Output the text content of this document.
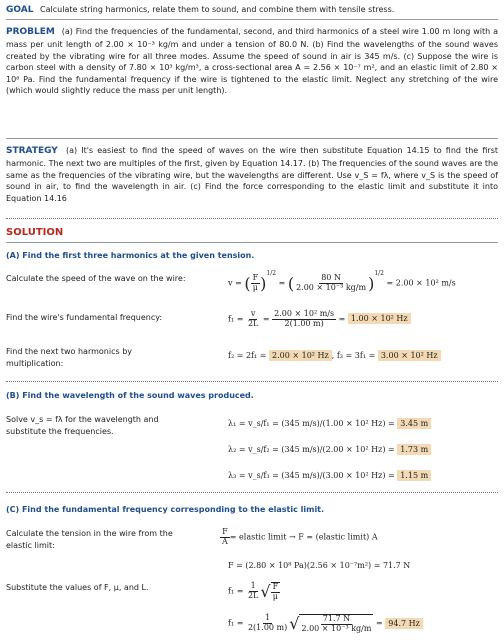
GOAL Calculate string harmonics, relate them to sound, and combine them with tensile stress.
PROBLEM (a) Find the frequencies of the fundamental, second, and third harmonics of a steel wire 1.00 m long with a mass per unit length of 2.00 × 10⁻³ kg/m and under a tension of 80.0 N. (b) Find the wavelengths of the sound waves created by the vibrating wire for all three modes. Assume the speed of sound in air is 345 m/s. (c) Suppose the wire is carbon steel with a density of 7.80 × 10³ kg/m³, a cross-sectional area A = 2.56 × 10⁻⁷ m², and an elastic limit of 2.80 × 10⁸ Pa. Find the fundamental frequency if the wire is tightened to the elastic limit. Neglect any stretching of the wire (which would slightly reduce the mass per unit length).
STRATEGY (a) It's easiest to find the speed of waves on the wire then substitute Equation 14.15 to find the first harmonic. The next two are multiples of the first, given by Equation 14.17. (b) The frequencies of the sound waves are the same as the frequencies of the vibrating wire, but the wavelengths are different. Use v_S = fλ, where v_S is the speed of sound in air, to find the wavelength in air. (c) Find the force corresponding to the elastic limit and substitute it into Equation 14.16
SOLUTION
(A) Find the first three harmonics at the given tension.
Calculate the speed of the wave on the wire:
v = ( $\frac{F}{\mu} )^{1/2}$ = ( $\frac{80 N}{\text{2.00 × 10⁻³ kg/m}} )^{1/2} = 2.00 \times 10^2$ m/s
Find the wire's fundamental frequency:	$f_1 = \frac{v}{2L} = \frac{\text{2.00 × 10² m/s}}{2(1.00 m)} = 1.00 \times 10^2$ Hz
Find the next two harmonics by multiplication:
f₂ = 2f₁ = 2.00 × 10² Hz , f₃ = 3f₁ = 3.00 × 10² Hz
(B) Find the wavelength of the sound waves produced.
Solve v_s = fλ for the wavelength and substitute the frequencies.
λ₁ = v_s/f₁ = (345 m/s)/(1.00 × 10² Hz) = 3.45 m
λ₂ = v_s/f₂ = (345 m/s)/(2.00 × 10² Hz) = 1.73 m
λ₃ = v_s/f₃ = (345 m/s)/(3.00 × 10² Hz) = 1.15 m
(C) Find the fundamental frequency corresponding to the elastic limit.
Calculate the tension in the wire from the elastic limit:	$\frac{F}{A}$ = elastic limit → F = (elastic limit) A
F = (2.80 × 10⁸ Pa)(2.56 × 10⁻⁷m²) = 71.7 N
Substitute the values of F, μ, and L.	$f_1 = \frac{1}{2L}$ √ $\frac{F}{\mu}$
$f_1 = \frac{1}{2(1.00 m)}$ √ $\frac{71.7 N}{\text{2.00 × 10⁻³ kg/m}} = 94.7$ Hz
